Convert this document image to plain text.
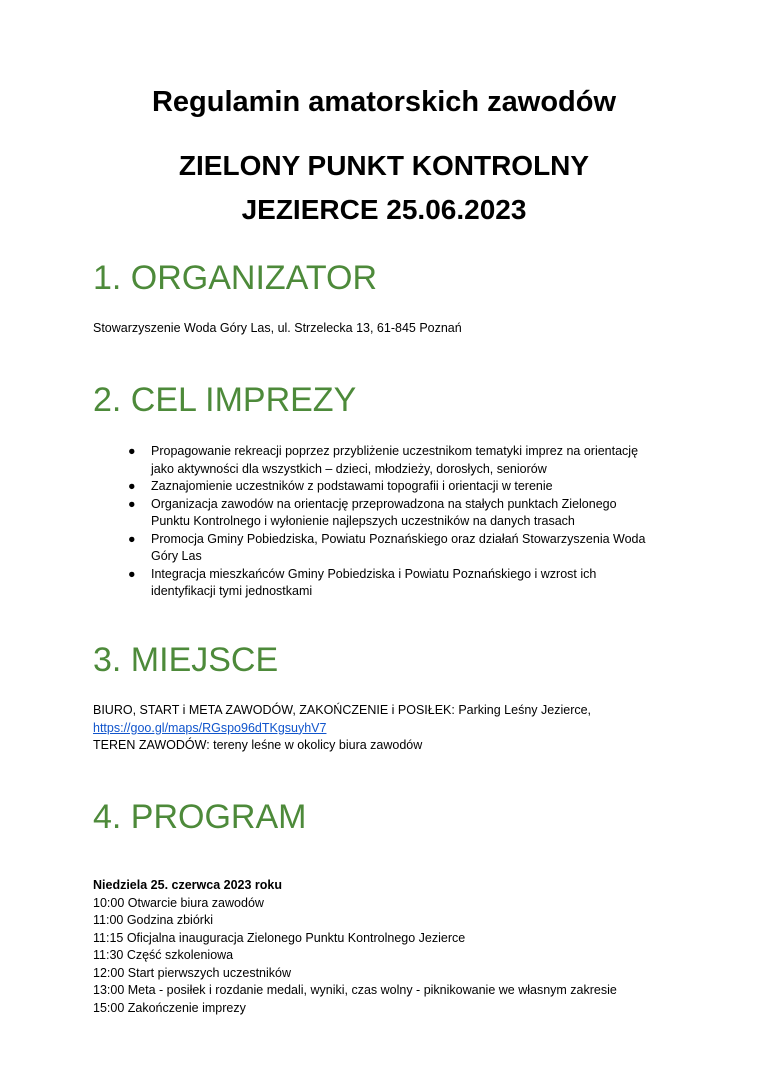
Regulamin amatorskich zawodów
ZIELONY PUNKT KONTROLNY
JEZIERCE 25.06.2023
1. ORGANIZATOR

Stowarzyszenie Woda Góry Las, ul. Strzelecka 13, 61-845 Poznań

2. CEL IMPREZY
● Propagowanie rekreacji poprzez przybliżenie uczestnikom tematyki imprez na orientację
jako aktywności dla wszystkich – dzieci, młodzieży, dorosłych, seniorów
● Zaznajomienie uczestników z podstawami topografii i orientacji w terenie
● Organizacja zawodów na orientację przeprowadzona na stałych punktach Zielonego
Punktu Kontrolnego i wyłonienie najlepszych uczestników na danych trasach
● Promocja Gminy Pobiedziska, Powiatu Poznańskiego oraz działań Stowarzyszenia Woda
Góry Las
● Integracja mieszkańców Gminy Pobiedziska i Powiatu Poznańskiego i wzrost ich
identyfikacji tymi jednostkami
3. MIEJSCE
BIURO, START i META ZAWODÓW, ZAKOŃCZENIE i POSIŁEK: Parking Leśny Jezierce,
https://goo.gl/maps/RGspo96dTKgsuyhV7
TEREN ZAWODÓW: tereny leśne w okolicy biura zawodów
4. PROGRAM
Niedziela 25. czerwca 2023 roku
10:00 Otwarcie biura zawodów
11:00 Godzina zbiórki
11:15 Oficjalna inauguracja Zielonego Punktu Kontrolnego Jezierce
11:30 Część szkoleniowa
12:00 Start pierwszych uczestników
13:00 Meta - posiłek i rozdanie medali, wyniki, czas wolny - piknikowanie we własnym zakresie
15:00 Zakończenie imprezy
